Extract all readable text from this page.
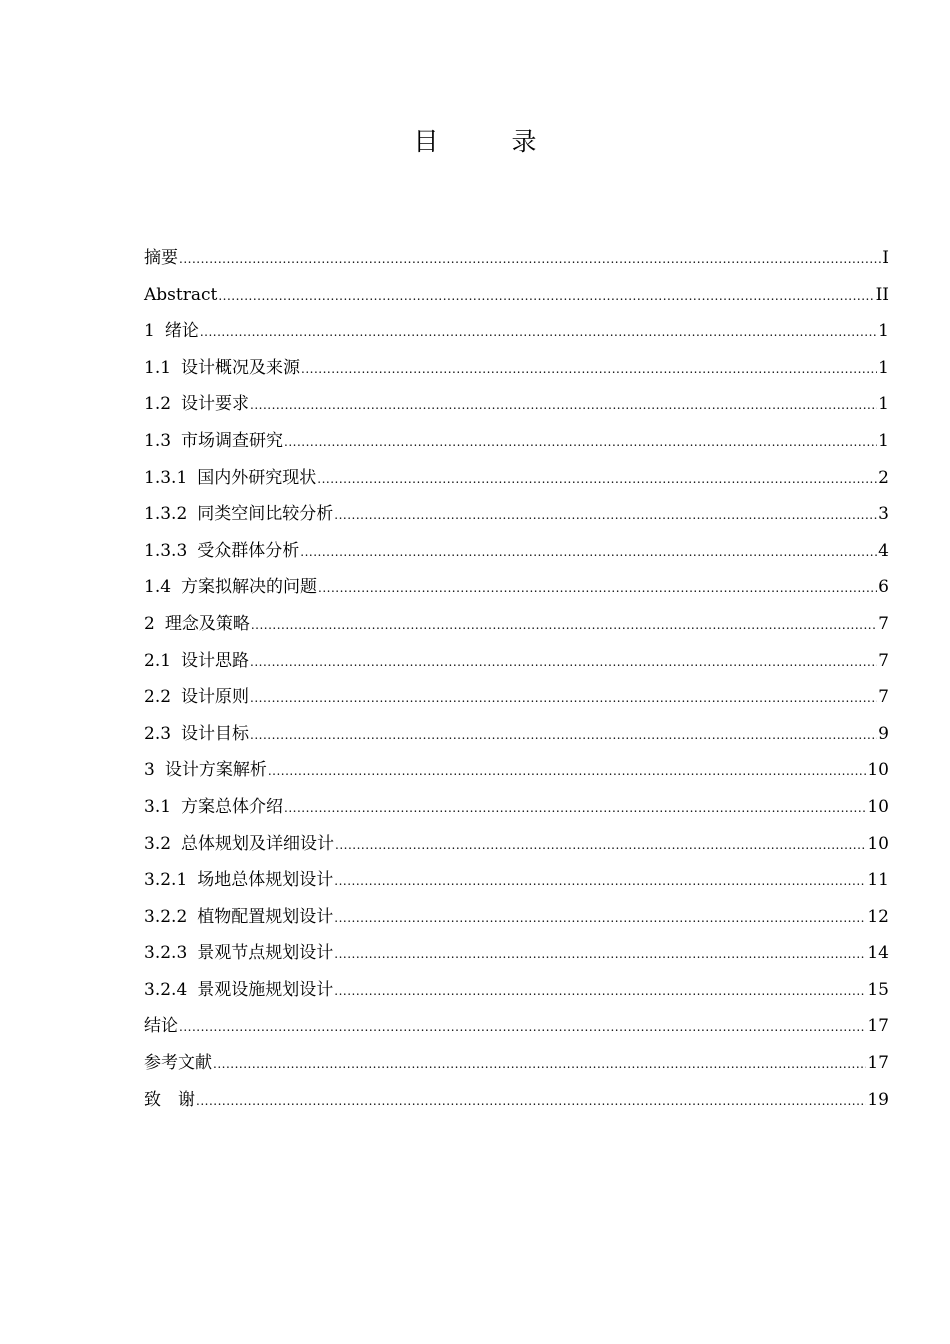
目　录
摘要 .....	I
Abstract .....	II
1 绪论 .....	1
1.1 设计概况及来源 .....	1
1.2 设计要求 .....	1
1.3 市场调查研究 .....	1
1.3.1 国内外研究现状 .....	2
1.3.2 同类空间比较分析 .....	3
1.3.3 受众群体分析 .....	4
1.4 方案拟解决的问题 .....	6
2 理念及策略 .....	7
2.1 设计思路 .....	7
2.2 设计原则 .....	7
2.3 设计目标 .....	9
3 设计方案解析 .....	10
3.1 方案总体介绍 .....	10
3.2 总体规划及详细设计 .....	10
3.2.1 场地总体规划设计 .....	11
3.2.2 植物配置规划设计 .....	12
3.2.3 景观节点规划设计 .....	14
3.2.4 景观设施规划设计 .....	15
结论 .....	17
参考文献 .....	17
致　谢 .....	19
